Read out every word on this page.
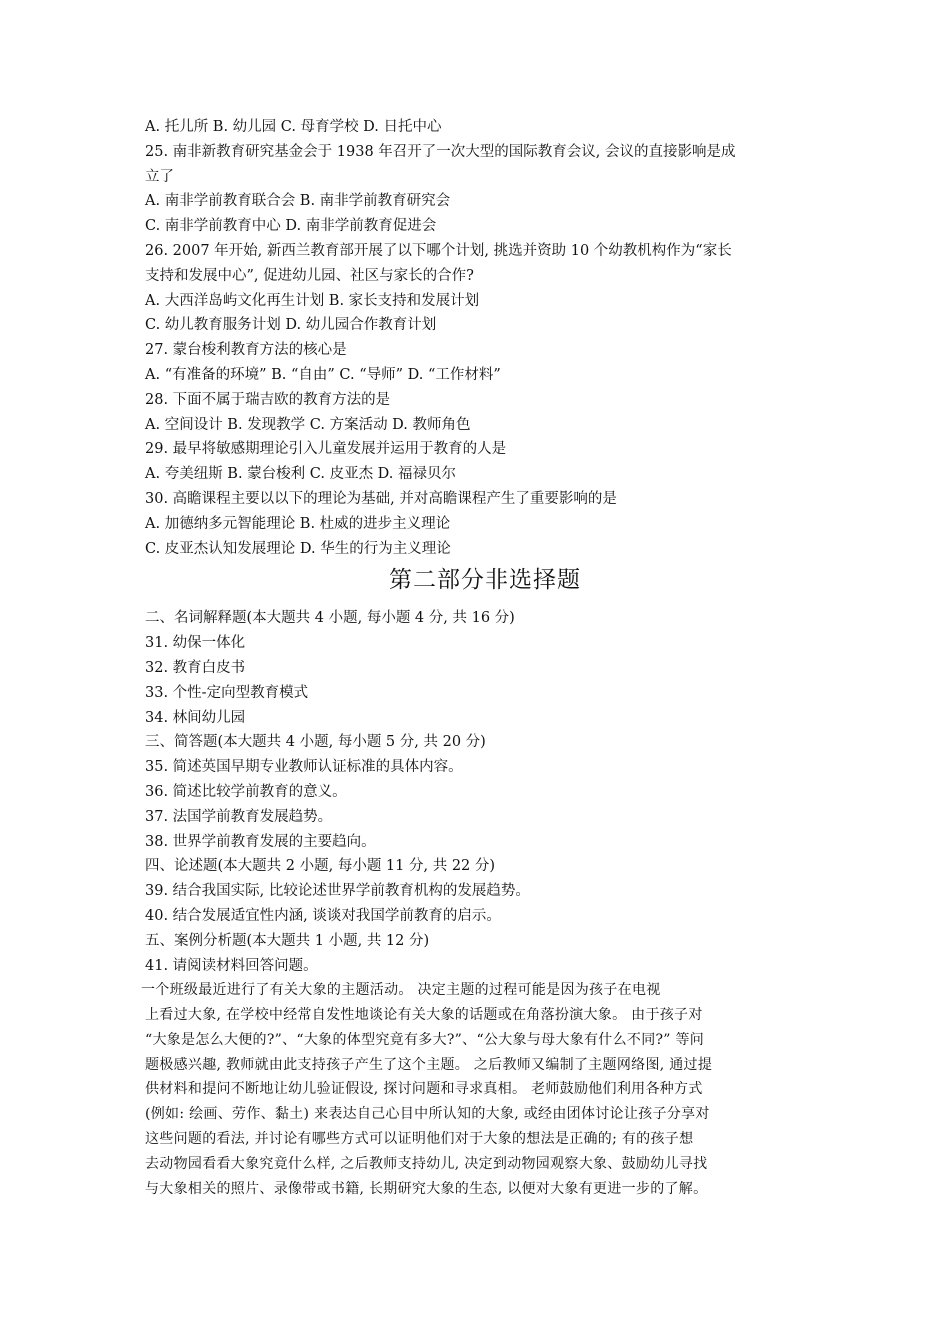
A. 托儿所 B. 幼儿园 C. 母育学校 D. 日托中心
25. 南非新教育研究基金会于 1938 年召开了一次大型的国际教育会议, 会议的直接影响是成
立了
A. 南非学前教育联合会 B. 南非学前教育研究会
C. 南非学前教育中心 D. 南非学前教育促进会
26. 2007 年开始, 新西兰教育部开展了以下哪个计划, 挑选并资助 10 个幼教机构作为“家长
支持和发展中心”, 促进幼儿园、社区与家长的合作?
A. 大西洋岛屿文化再生计划 B. 家长支持和发展计划
C. 幼儿教育服务计划 D. 幼儿园合作教育计划
27. 蒙台梭利教育方法的核心是
A. “有准备的环境” B. “自由” C. “导师” D. “工作材料”
28. 下面不属于瑞吉欧的教育方法的是
A. 空间设计 B. 发现教学 C. 方案活动 D. 教师角色
29. 最早将敏感期理论引入儿童发展并运用于教育的人是
A. 夸美纽斯 B. 蒙台梭利 C. 皮亚杰 D. 福禄贝尔
30. 高瞻课程主要以以下的理论为基础, 并对高瞻课程产生了重要影响的是
A. 加德纳多元智能理论 B. 杜威的进步主义理论
C. 皮亚杰认知发展理论 D. 华生的行为主义理论
第二部分非选择题
二、名词解释题(本大题共 4 小题, 每小题 4 分, 共 16 分)
31. 幼保一体化
32. 教育白皮书
33. 个性-定向型教育模式
34. 林间幼儿园
三、简答题(本大题共 4 小题, 每小题 5 分, 共 20 分)
35. 简述英国早期专业教师认证标准的具体内容。
36. 简述比较学前教育的意义。
37. 法国学前教育发展趋势。
38. 世界学前教育发展的主要趋向。
四、论述题(本大题共 2 小题, 每小题 11 分, 共 22 分)
39. 结合我国实际, 比较论述世界学前教育机构的发展趋势。
40. 结合发展适宜性内涵, 谈谈对我国学前教育的启示。
五、案例分析题(本大题共 1 小题, 共 12 分)
41. 请阅读材料回答问题。
一个班级最近进行了有关大象的主题活动。 决定主题的过程可能是因为孩子在电视
上看过大象, 在学校中经常自发性地谈论有关大象的话题或在角落扮演大象。 由于孩子对
“大象是怎么大便的?”、“大象的体型究竟有多大?”、“公大象与母大象有什么不同?” 等问
题极感兴趣, 教师就由此支持孩子产生了这个主题。 之后教师又编制了主题网络图, 通过提
供材料和提问不断地让幼儿验证假设, 探讨问题和寻求真相。 老师鼓励他们利用各种方式
(例如: 绘画、劳作、黏土) 来表达自己心目中所认知的大象, 或经由团体讨论让孩子分享对
这些问题的看法, 并讨论有哪些方式可以证明他们对于大象的想法是正确的; 有的孩子想
去动物园看看大象究竟什么样, 之后教师支持幼儿, 决定到动物园观察大象、鼓励幼儿寻找
与大象相关的照片、录像带或书籍, 长期研究大象的生态, 以便对大象有更进一步的了解。
